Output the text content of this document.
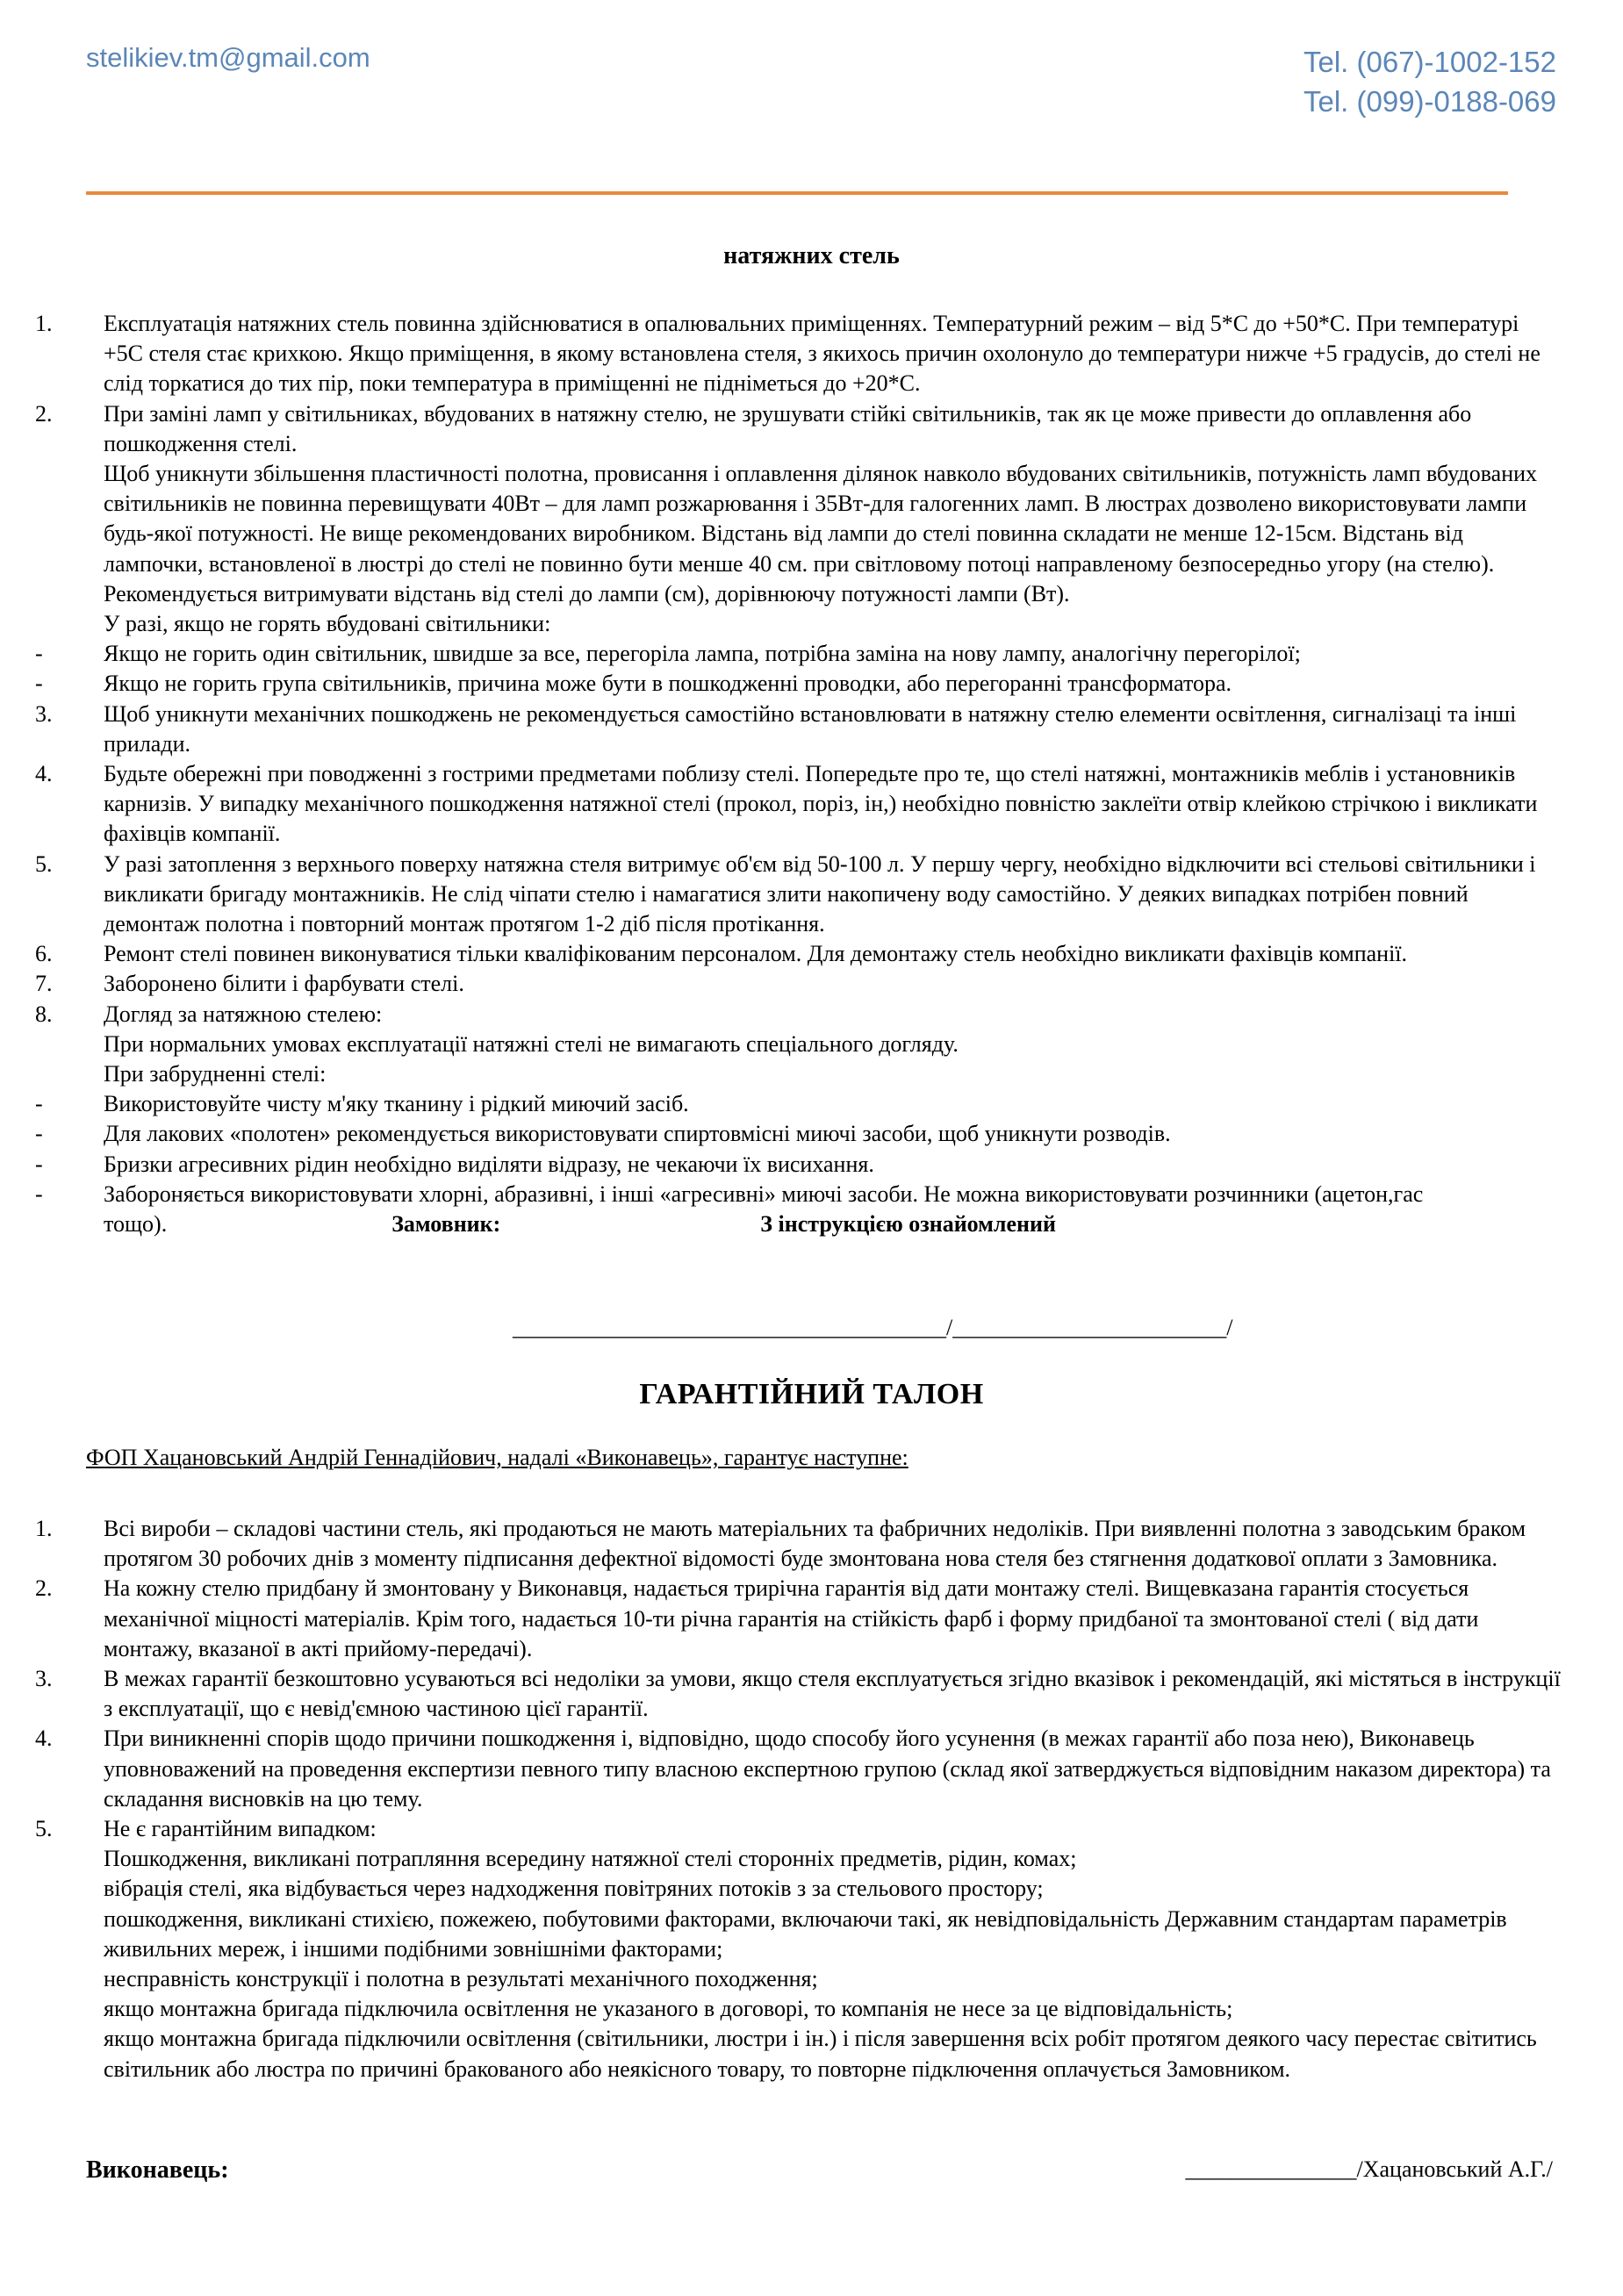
stelikiev.tm@gmail.com	Tel. (067)-1002-152
Tel. (099)-0188-069
натяжних стель
1.	Експлуатація натяжних стель повинна здійснюватися в опалювальних приміщеннях. Температурний режим – від 5*С до +50*С. При температурі +5С стеля стає крихкою. Якщо приміщення, в якому встановлена стеля, з якихось причин охолонуло до температури нижче +5 градусів, до стелі не слід торкатися до тих пір, поки температура в приміщенні не підніметься до +20*С.
2.	При заміні ламп у світильниках, вбудованих в натяжну стелю, не зрушувати стійкі світильників, так як це може привести до оплавлення або пошкодження стелі.
Щоб уникнути збільшення пластичності полотна, провисання і оплавлення ділянок навколо вбудованих світильників, потужність ламп вбудованих світильників не повинна перевищувати 40Вт – для ламп розжарювання і 35Вт-для галогенних ламп. В люстрах дозволено використовувати лампи будь-якої потужності. Не вище рекомендованих виробником. Відстань від лампи до стелі повинна складати не менше 12-15см. Відстань від лампочки, встановленої в люстрі до стелі не повинно бути менше 40 см. при світловому потоці направленому безпосередньо угору (на стелю). Рекомендується витримувати відстань від стелі до лампи (см), дорівнюючу потужності лампи (Вт).
У разі, якщо не горять вбудовані світильники:
-	Якщо не горить один світильник, швидше за все, перегоріла лампа, потрібна заміна на нову лампу, аналогічну перегорілої;
-	Якщо не горить група світильників, причина може бути в пошкодженні проводки, або перегоранні трансформатора.
3.	Щоб уникнути механічних пошкоджень не рекомендується самостійно встановлювати в натяжну стелю елементи освітлення, сигналізаці та інші прилади.
4.	Будьте обережні при поводженні з гострими предметами поблизу стелі. Попередьте про те, що стелі натяжні, монтажників меблів і установників карнизів. У випадку механічного пошкодження натяжної стелі (прокол, поріз, ін,) необхідно повністю заклеїти отвір клейкою стрічкою і викликати фахівців компанії.
5.	У разі затоплення з верхнього поверху натяжна стеля витримує об'єм від 50-100 л. У першу чергу, необхідно відключити всі стельові світильники і викликати бригаду монтажників. Не слід чіпати стелю і намагатися злити накопичену воду самостійно. У деяких випадках потрібен повний демонтаж полотна і повторний монтаж протягом 1-2 діб після протікання.
6.	Ремонт стелі повинен виконуватися тільки кваліфікованим персоналом. Для демонтажу стель необхідно викликати фахівців компанії.
7.	Заборонено білити і фарбувати стелі.
8.	Догляд за натяжною стелею:
При нормальних умовах експлуатації натяжні стелі не вимагають спеціального догляду.
При забрудненні стелі:
-	Використовуйте чисту м'яку тканину і рідкий миючий засіб.
-	Для лакових «полотен» рекомендується використовувати спиртовмісні миючі засоби, щоб уникнути розводів.
-	Бризки агресивних рідин необхідно виділяти відразу, не чекаючи їх висихання.
-	Забороняється використовувати хлорні, абразивні, і інші «агресивні» миючі засоби. Не можна використовувати розчинники (ацетон,гас тощо).	Замовник:	З інструкцією ознайомлений
______________________________________/________________________/
ГАРАНТІЙНИЙ ТАЛОН
ФОП Хацановський Андрій Геннадійович, надалі «Виконавець», гарантує наступне:
1.	Всі вироби – складові частини стель, які продаються не мають матеріальних та фабричних недоліків. При виявленні полотна з заводським браком протягом 30 робочих днів з моменту підписання дефектної відомості буде змонтована нова стеля без стягнення додаткової оплати з Замовника.
2.	На кожну стелю придбану й змонтовану у Виконавця, надається трирічна гарантія від дати монтажу стелі. Вищевказана гарантія стосується механічної міцності матеріалів. Крім того, надається 10-ти річна гарантія на стійкість фарб і форму придбаної та змонтованої стелі ( від дати монтажу, вказаної в акті прийому-передачі).
3.	В межах гарантії безкоштовно усуваються всі недоліки за умови, якщо стеля експлуатується згідно вказівок і рекомендацій, які містяться в інструкції з експлуатації, що є невід'ємною частиною цієї гарантії.
4.	При виникненні спорів щодо причини пошкодження і, відповідно, щодо способу його усунення (в межах гарантії або поза нею), Виконавець уповноважений на проведення експертизи певного типу власною експертною групою (склад якої затверджується відповідним наказом директора) та складання висновків на цю тему.
5.	Не є гарантійним випадком:
Пошкодження, викликані потрапляння всередину натяжної стелі сторонніх предметів, рідин, комах;
вібрація стелі, яка відбувається через надходження повітряних потоків з за стельового простору;
пошкодження, викликані стихією, пожежею, побутовими факторами, включаючи такі, як невідповідальність Державним стандартам параметрів живильних мереж, і іншими подібними зовнішніми факторами;
несправність конструкції і полотна в результаті механічного походження;
якщо монтажна бригада підключила освітлення не указаного в договорі, то компанія не несе за це відповідальність;
якщо монтажна бригада підключили освітлення (світильники, люстри і ін.) і після завершення всіх робіт протягом деякого часу перестає світитись світильник або люстра по причині бракованого або неякісного товару, то повторне підключення оплачується Замовником.
Виконавець:	_______________/Хацановський А.Г./
